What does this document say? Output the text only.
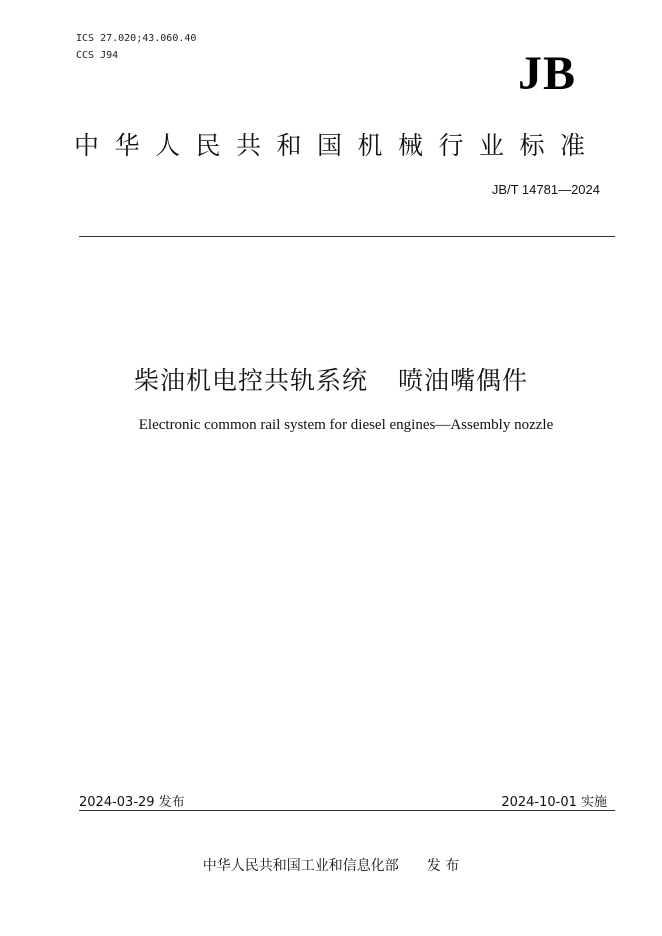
ICS 27.020;43.060.40
CCS J94	JB
中华人民共和国机械行业标准
JB/T 14781—2024
柴油机电控共轨系统 喷油嘴偶件
Electronic common rail system for diesel engines—Assembly nozzle
2024-03-29 发布	2024-10-01 实施
中华人民共和国工业和信息化部 发 布
